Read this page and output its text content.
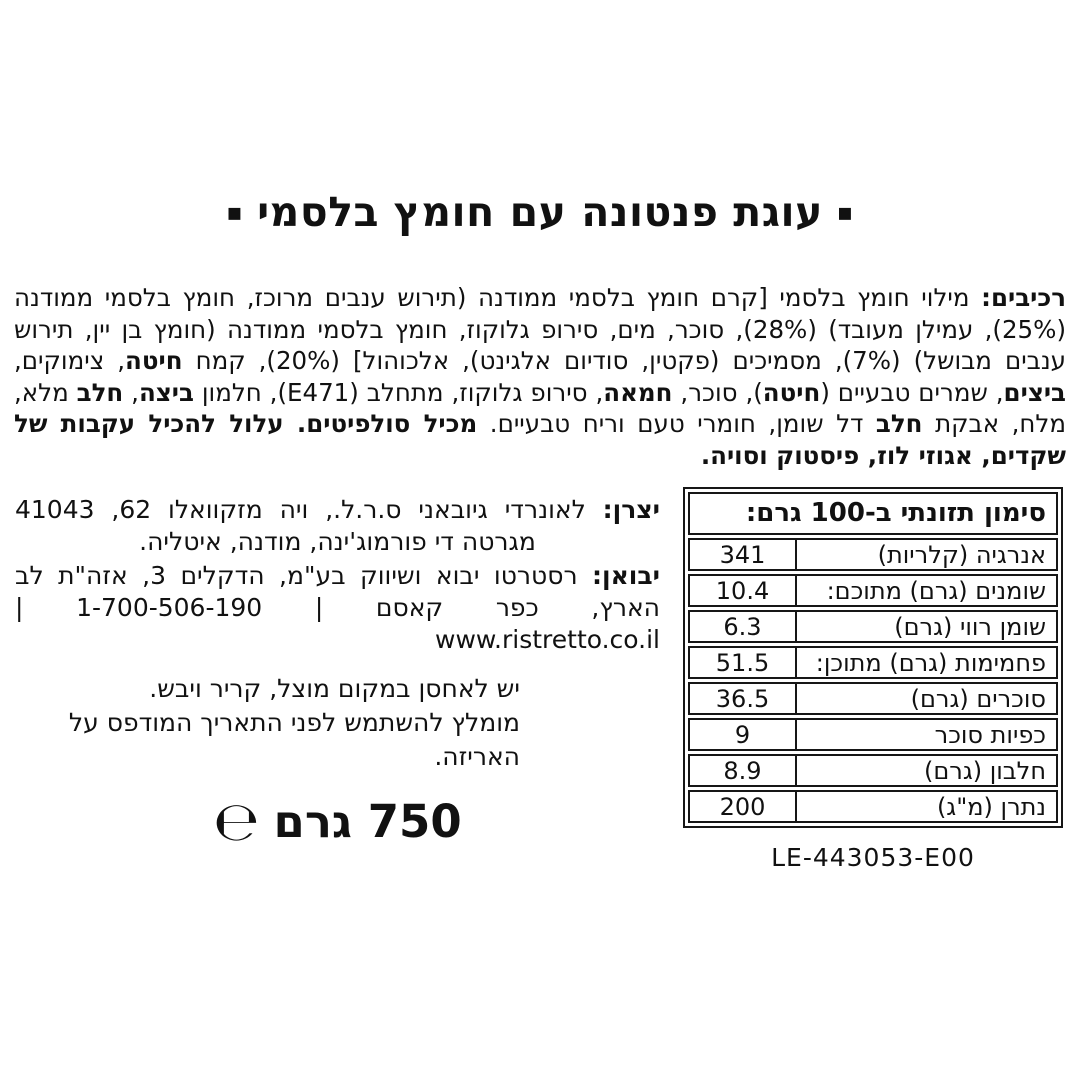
▪עוגת פנטונה עם חומץ בלסמי▪
רכיבים: מילוי חומץ בלסמי [קרם חומץ בלסמי ממודנה (תירוש ענבים מרוכז, חומץ בלסמי ממודנה (25%), עמילן מעובד) (28%), סוכר, מים, סירופ גלוקוז, חומץ בלסמי ממודנה (חומץ בן יין, תירוש ענבים מבושל) (7%), מסמיכים (פקטין, סודיום אלגינט), אלכוהול] (20%), קמח חיטה, צימוקים, ביצים, שמרים טבעיים (חיטה), סוכר, חמאה, סירופ גלוקוז, מתחלב (E471), חלמון ביצה, חלב מלא, מלח, אבקת חלב דל שומן, חומרי טעם וריח טבעיים. מכיל סולפיטים. עלול להכיל עקבות של שקדים, אגוזי לוז, פיסטוק וסויה.
יצרן: לאונרדי גיובאני ס.ר.ל., ויה מזקוואלו 62, 41043 מגרטה די פורמוג'ינה, מודנה, איטליה.
יבואן: רסטרטו יבוא ושיווק בע"מ, הדקלים 3, אזה"ת לב הארץ, כפר קאסם | 1-700-506-190 | www.ristretto.co.il
יש לאחסן במקום מוצל, קריר ויבש.
מומלץ להשתמש לפני התאריך המודפס על האריזה.
750 גרם℮
סימון תזונתי ב-100 גרם:
341	אנרגיה (קלריות)
10.4	שומנים (גרם) מתוכם:
6.3	שומן רווי (גרם)
51.5	פחמימות (גרם) מתוכן:
36.5	סוכרים (גרם)
9	כפיות סוכר
8.9	חלבון (גרם)
200	נתרן (מ"ג)
LE-443053-E00
